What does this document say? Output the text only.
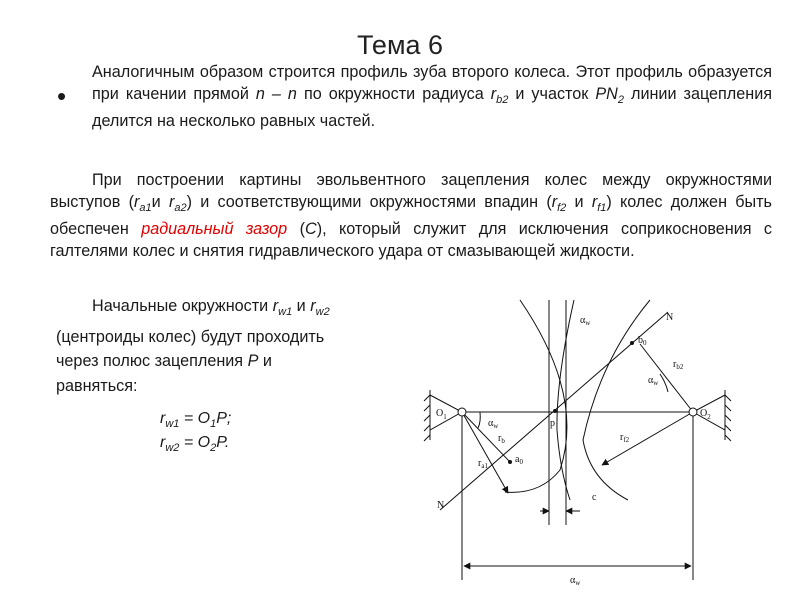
Тема 6
•
Аналогичным образом строится профиль зуба второго колеса. Этот профиль образуется при качении прямой n – n по окружности радиуса $r_{b2}$ и участок $PN_2$ линии зацепления делится на несколько равных частей.
При построении картины эвольвентного зацепления колес между окружностями выступов ($r_{a1}и$ $r_{a2}$) и соответствующими окружностями впадин ($r_{f2}$ и $r_{f1}$) колес должен быть обеспечен радиальный зазор (С), который служит для исключения соприкосновения с галтелями колес и снятия гидравлического удара от смазывающей жидкости.
Начальные окружности $r_{w1}$ и $r_{w2}$
(центроиды колес) будут проходить
через полюс зацепления P и
равняться:
$r_{w1} = O_1P$;
$r_{w2} = O_2P$.
$O_1$	$O_2$
N
N
$\alpha_w$
$\alpha_w$
$\alpha_w$
$b_0$
$r_{b2}$
$r_b$
$r_{a1}$
$a_0$
$r_{f2}$
p
c
$\alpha_w$
